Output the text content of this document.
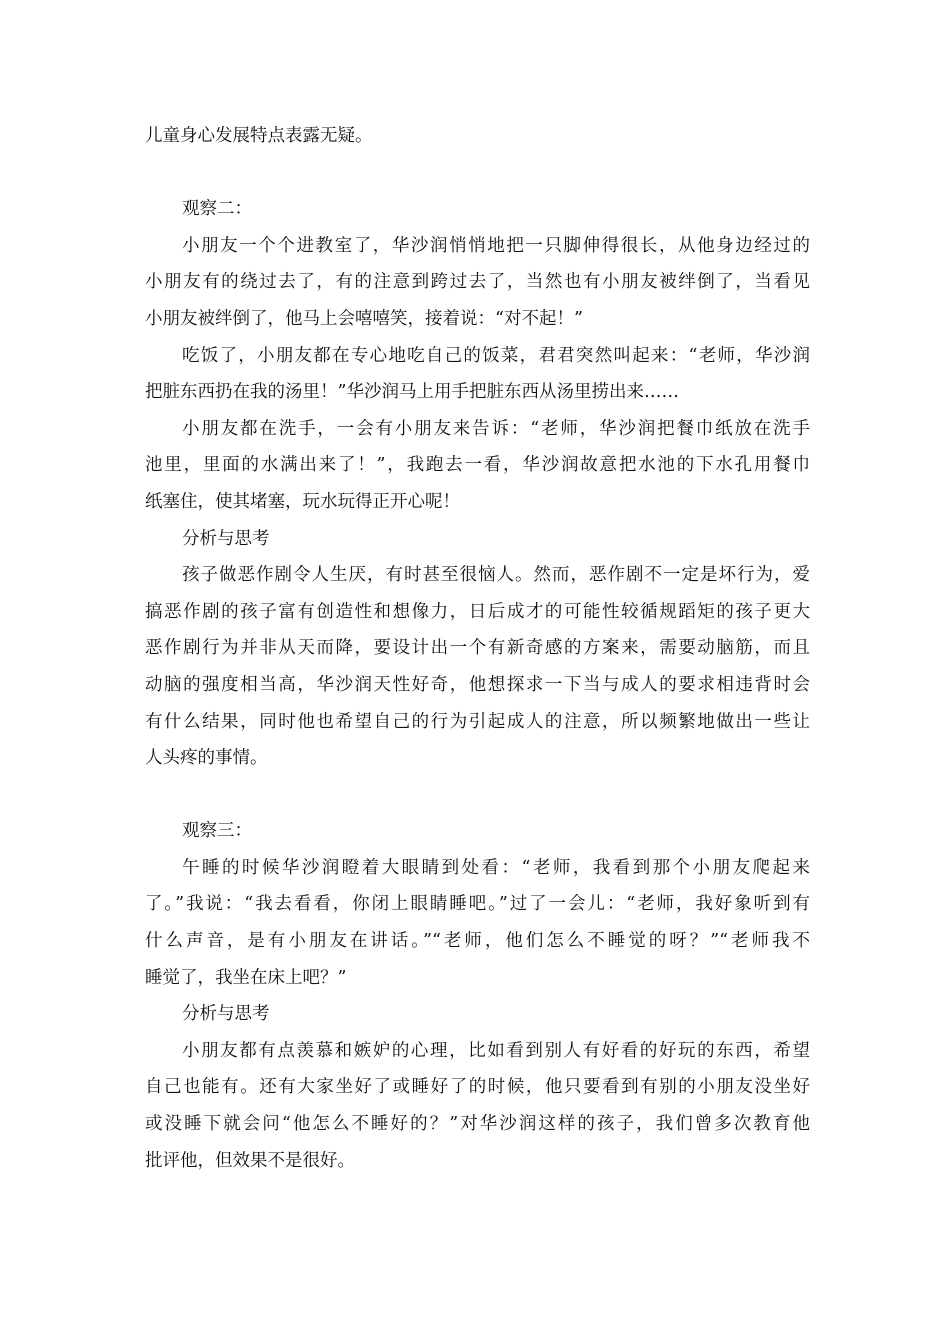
儿童身心发展特点表露无疑。
观察二：
小朋友一个个进教室了，华沙润悄悄地把一只脚伸得很长，从他身边经过的
小朋友有的绕过去了，有的注意到跨过去了，当然也有小朋友被绊倒了，当看见
小朋友被绊倒了，他马上会嘻嘻笑，接着说：“对不起！”
吃饭了，小朋友都在专心地吃自己的饭菜，君君突然叫起来：“老师，华沙润
把脏东西扔在我的汤里！”华沙润马上用手把脏东西从汤里捞出来……
小朋友都在洗手，一会有小朋友来告诉：“老师，华沙润把餐巾纸放在洗手
池里，里面的水满出来了！”，我跑去一看，华沙润故意把水池的下水孔用餐巾
纸塞住，使其堵塞，玩水玩得正开心呢！
分析与思考
孩子做恶作剧令人生厌，有时甚至很恼人。然而，恶作剧不一定是坏行为，爱
搞恶作剧的孩子富有创造性和想像力，日后成才的可能性较循规蹈矩的孩子更大
恶作剧行为并非从天而降，要设计出一个有新奇感的方案来，需要动脑筋，而且
动脑的强度相当高，华沙润天性好奇，他想探求一下当与成人的要求相违背时会
有什么结果，同时他也希望自己的行为引起成人的注意，所以频繁地做出一些让
人头疼的事情。
观察三：
午睡的时候华沙润瞪着大眼睛到处看：“老师，我看到那个小朋友爬起来
了。”我说：“我去看看，你闭上眼睛睡吧。”过了一会儿：“老师，我好象听到有
什么声音，是有小朋友在讲话。”“老师，他们怎么不睡觉的呀？”“老师我不
睡觉了，我坐在床上吧？”
分析与思考
小朋友都有点羡慕和嫉妒的心理，比如看到别人有好看的好玩的东西，希望
自己也能有。还有大家坐好了或睡好了的时候，他只要看到有别的小朋友没坐好
或没睡下就会问“他怎么不睡好的？”对华沙润这样的孩子，我们曾多次教育他
批评他，但效果不是很好。
